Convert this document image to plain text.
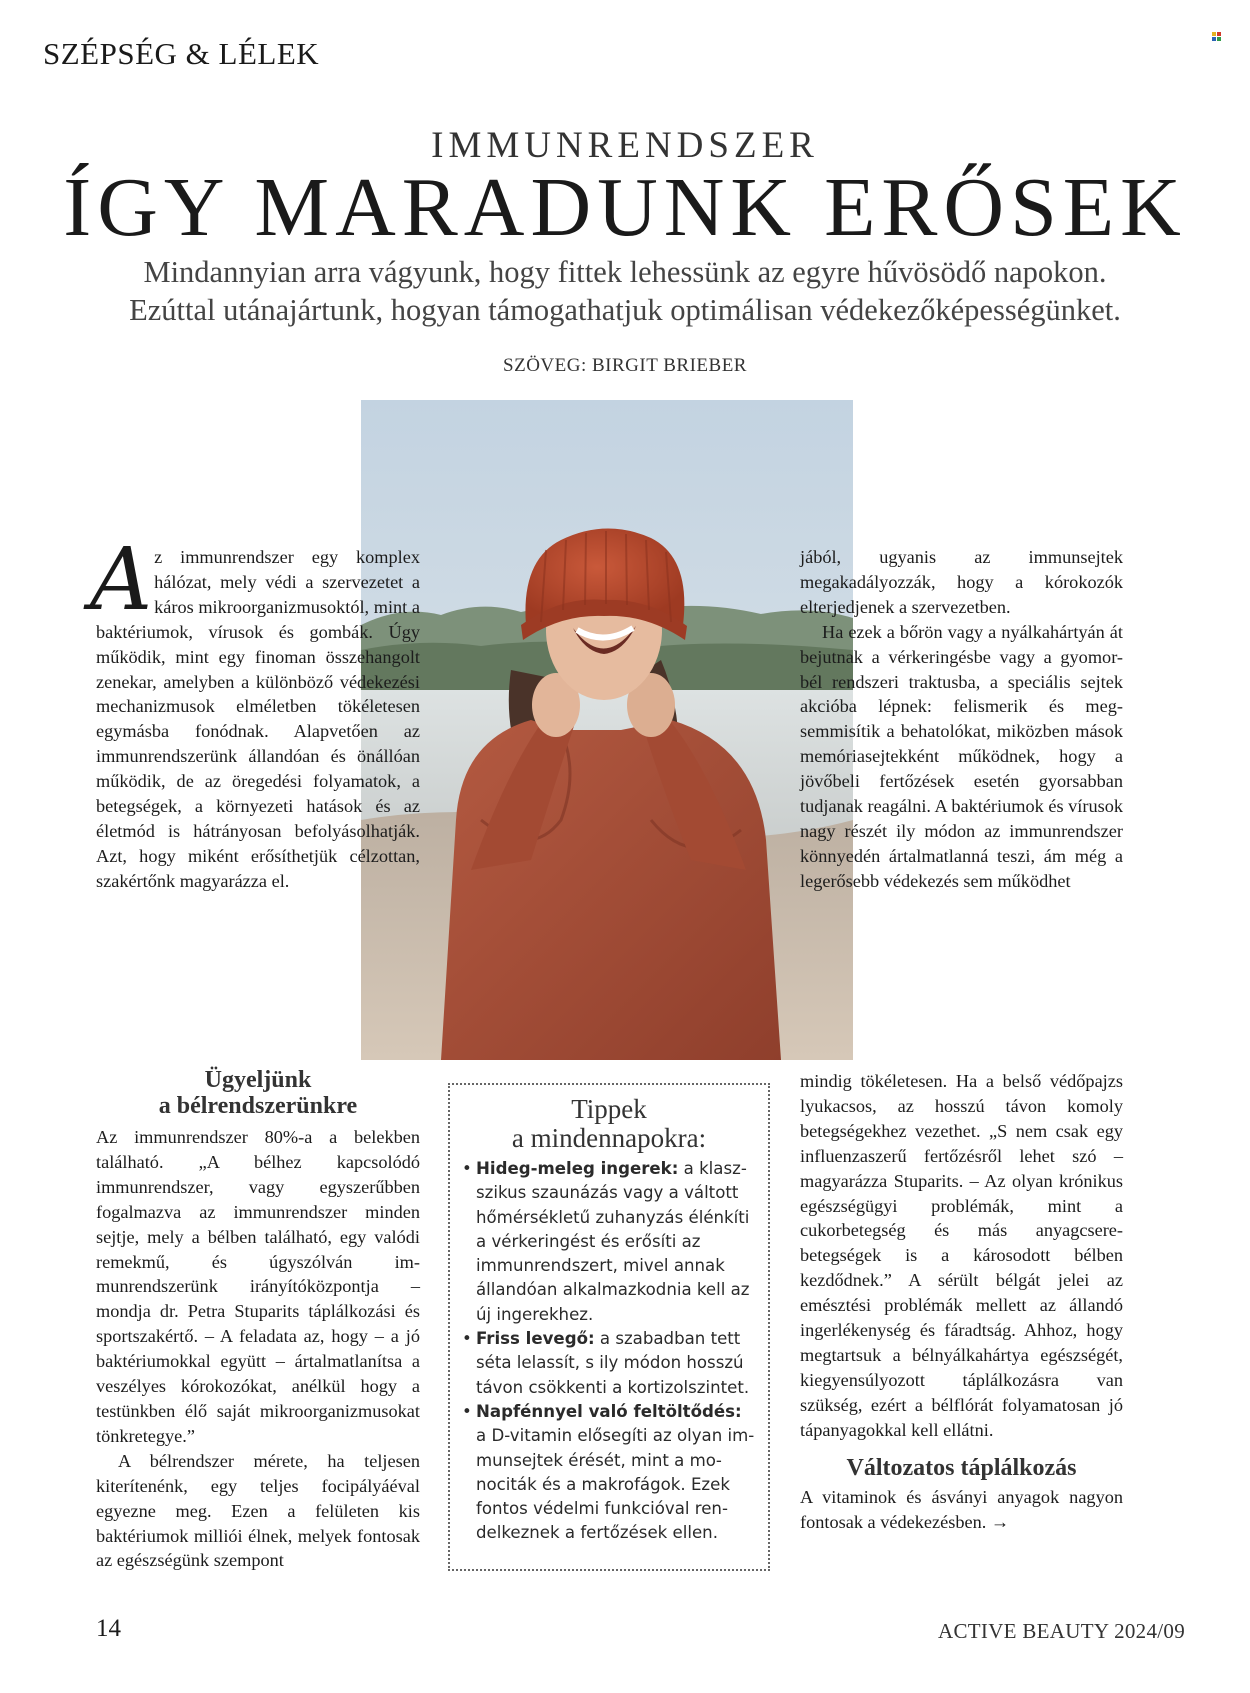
SZÉPSÉG & LÉLEK
IMMUNRENDSZER
ÍGY MARADUNK ERŐSEK
Mindannyian arra vágyunk, hogy fittek lehessünk az egyre hűvösödő napokon.
Ezúttal utánajártunk, hogyan támogathatjuk optimálisan védekezőképességünket.
SZÖVEG: BIRGIT BRIEBER

A z immunrendszer egy komplex hálózat, mely védi a szervezetet a káros mikroorganizmusoktól, mint a baktériumok, vírusok és gombák. Úgy működik, mint egy finoman összehangolt zenekar, amelyben a különböző védekezési mechanizmusok elméletben tökéletesen egymásba fonódnak. Alapvetően az immunrendszerünk állandóan és önállóan működik, de az öregedési folyamatok, a betegségek, a környezeti hatások és az életmód is hátrányosan befolyásolhatják. Azt, hogy miként erősíthetjük célzottan, szakértőnk magyarázza el.

Ügyeljünk

a bélrendszerünkre

Az immunrendszer 80%-a a belekben található. „A bélhez kapcsolódó immunrendszer, vagy egyszerűbben fogalmazva az immunrendszer minden sejtje, mely a bélben található, egy valódi remekmű, és úgyszólván immunrendszerünk irányítóközpontja – mondja dr. Petra Stuparits táplálkozási és sportszakértő. – A feladata az, hogy – a jó baktériumokkal együtt – ártalmatlanítsa a veszélyes kórokozókat, anélkül hogy a testünkben élő saját mikroorganizmusokat tönkretegye.”

A bélrendszer mérete, ha teljesen kiterítenénk, egy teljes focipályáéval egyezne meg. Ezen a felületen kis baktériumok milliói élnek, melyek fontosak az egészségünk szempont

Tippek
a mindennapokra:
• Hideg-meleg ingerek: a klaszszikus szaunázás vagy a váltott hőmérsékletű zuhanyzás élénkíti a vérkeringést és erősíti az immunrendszert, mivel annak állandóan alkalmazkodnia kell az új ingerekhez.
• Friss levegő: a szabadban tett séta lelassít, s ily módon hosszú távon csökkenti a kortizolszintet.
• Napfénnyel való feltöltődés: a D-vitamin elősegíti az olyan immunsejtek érését, mint a monociták és a makrofágok. Ezek fontos védelmi funkcióval rendelkeznek a fertőzések ellen.

jából, ugyanis az immunsejtek megakadályozzák, hogy a kórokozók elterjedjenek a szervezetben.

Ha ezek a bőrön vagy a nyálkahártyán át bejutnak a vérkeringésbe vagy a gyomor-bél rendszeri traktusba, a speciális sejtek akcióba lépnek: felismerik és megsemmisítik a behatolókat, miközben mások memóriasejtekként működnek, hogy a jövőbeli fertőzések esetén gyorsabban tudjanak reagálni. A baktériumok és vírusok nagy részét ily módon az immunrendszer könnyedén ártalmatlanná teszi, ám még a legerősebb védekezés sem működhet

mindig tökéletesen. Ha a belső védőpajzs lyukacsos, az hosszú távon komoly betegségekhez vezethet. „S nem csak egy influenzaszerű fertőzésről lehet szó – magyarázza Stuparits. – Az olyan krónikus egészségügyi problémák, mint a cukorbetegség és más anyagcsere-betegségek is a károsodott bélben kezdődnek.” A sérült bélgát jelei az emésztési problémák mellett az állandó ingerlékenység és fáradtság. Ahhoz, hogy megtartsuk a bélnyálkahártya egészségét, kiegyensúlyozott táplálkozásra van szükség, ezért a bélflórát folyamatosan jó tápanyagokkal kell ellátni.

Változatos táplálkozás

A vitaminok és ásványi anyagok nagyon fontosak a védekezésben. →

14	ACTIVE BEAUTY 2024/09
